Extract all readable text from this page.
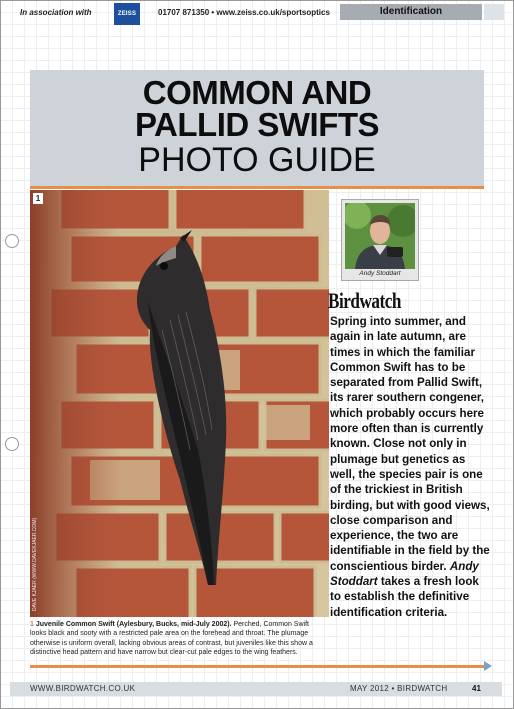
In association with	ZEISS	01707 871350 • www.zeiss.co.uk/sportsoptics	Identification
COMMON AND
PALLID SWIFTS
PHOTO GUIDE
1
DAVE KJAER (WWW.DAVEKJAER.COM)
1 Juvenile Common Swift (Aylesbury, Bucks, mid-July 2002). Perched, Common Swift looks black and sooty with a restricted pale area on the forehead and throat. The plumage otherwise is uniform overall, lacking obvious areas of contrast, but juveniles like this show a distinctive head pattern and have narrow but clear-cut pale edges to the wing feathers.
Andy Stoddart
Birdwatch
Spring into summer, and again in late autumn, are times in which the familiar Common Swift has to be separated from Pallid Swift, its rarer southern congener, which probably occurs here more often than is currently known. Close not only in plumage but genetics as well, the species pair is one of the trickiest in British birding, but with good views, close comparison and experience, the two are identifiable in the field by the conscientious birder. Andy Stoddart takes a fresh look to establish the definitive identification criteria.
WWW.BIRDWATCH.CO.UK	MAY 2012 • BIRDWATCH	41
